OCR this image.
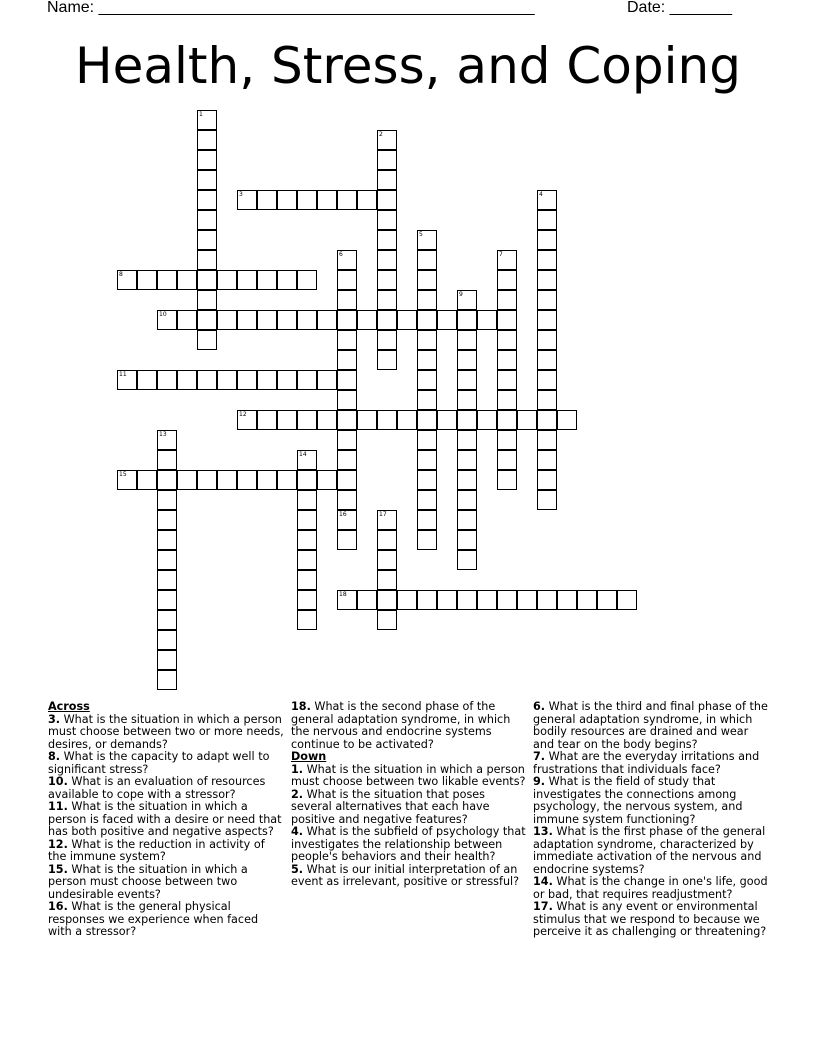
Name: _________________________________________________	Date: _______
Health, Stress, and Coping
1
2
3	4
5
6	7
8
9
10
11
12
13
14
15
16	17
18
Across
3. What is the situation in which a person must choose between two or more needs, desires, or demands?
8. What is the capacity to adapt well to significant stress?
10. What is an evaluation of resources available to cope with a stressor?
11. What is the situation in which a person is faced with a desire or need that has both positive and negative aspects?
12. What is the reduction in activity of the immune system?
15. What is the situation in which a person must choose between two undesirable events?
16. What is the general physical responses we experience when faced with a stressor?
18. What is the second phase of the general adaptation syndrome, in which the nervous and endocrine systems continue to be activated?
Down
1. What is the situation in which a person must choose between two likable events?
2. What is the situation that poses several alternatives that each have positive and negative features?
4. What is the subfield of psychology that investigates the relationship between people's behaviors and their health?
5. What is our initial interpretation of an event as irrelevant, positive or stressful?
6. What is the third and final phase of the general adaptation syndrome, in which bodily resources are drained and wear and tear on the body begins?
7. What are the everyday irritations and frustrations that individuals face?
9. What is the field of study that investigates the connections among psychology, the nervous system, and immune system functioning?
13. What is the first phase of the general adaptation syndrome, characterized by immediate activation of the nervous and endocrine systems?
14. What is the change in one's life, good or bad, that requires readjustment?
17. What is any event or environmental stimulus that we respond to because we perceive it as challenging or threatening?
